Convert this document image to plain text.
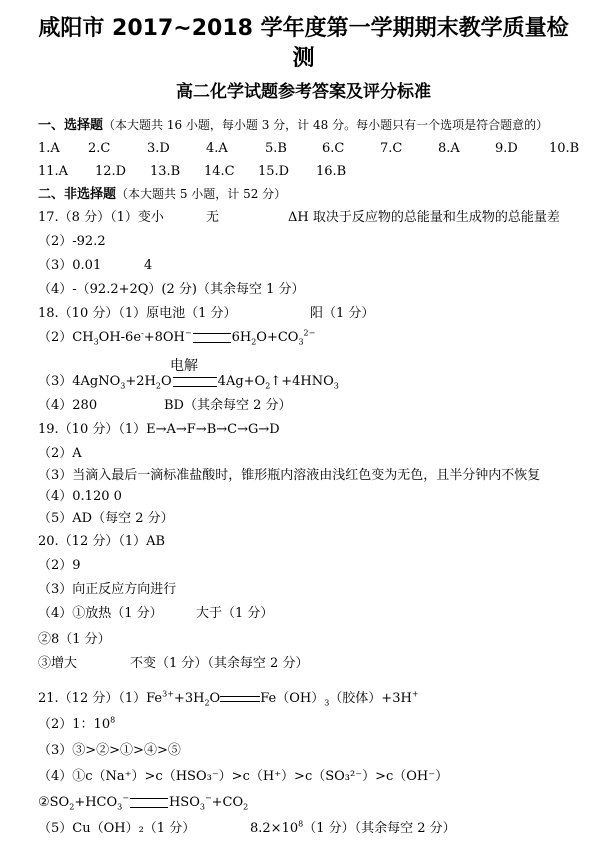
咸阳市 2017~2018 学年度第一学期期末教学质量检
测
高二化学试题参考答案及评分标准
一、选择题（本大题共 16 小题，每小题 3 分，计 48 分。每小题只有一个选项是符合题意的）
1.A 2.C	3.D	4.A	5.B	6.C	7.C	8.A	9.D 10.B
11.A 12.D 13.B 14.C 15.D 16.B
二、非选择题（本大题共 5 小题，计 52 分）
17.（8 分）（1）变小	无	ΔH 取决于反应物的总能量和生成物的总能量差
（2）-92.2
（3）0.01	4
（4）-（92.2+2Q）(2 分)（其余每空 1 分）
18.（10 分）（1）原电池（1 分）	阳（1 分）
$(2)CH_3OH-6e^-+8OH^-$	$6H_2O+CO_3^{2-}$
电解
$(3)4AgNO_3+2H_2O$	$4Ag+O_2↑+4HNO_3$
（4）280	BD（其余每空 2 分）
19.（10 分）（1）E→A→F→B→C→G→D
（2）A
（3）当滴入最后一滴标准盐酸时，锥形瓶内溶液由浅红色变为无色，且半分钟内不恢复
（4）0.120 0
（5）AD（每空 2 分）
20.（12 分）（1）AB
（2）9
（3）向正反应方向进行
（4）①放热（1 分）	大于（1 分）
②8（1 分）
③增大	不变（1 分）（其余每空 2 分）
21.（12 分）$(1)Fe^{3+}+3H_2O$	$Fe(OH)_3$（胶体）+3H+
（2）1：$10^8$
（3）③>②>①>④>⑤
（4）①c（Na⁺）>c（HSO₃⁻）>c（H⁺）>c（SO₃²⁻）>c（OH⁻）
$②SO_2+HCO_3^-$	$HSO_3^-+CO_2$
（5）Cu（OH）₂（1 分）	$8.2\times 10^8(1$ 分）（其余每空 2 分）
